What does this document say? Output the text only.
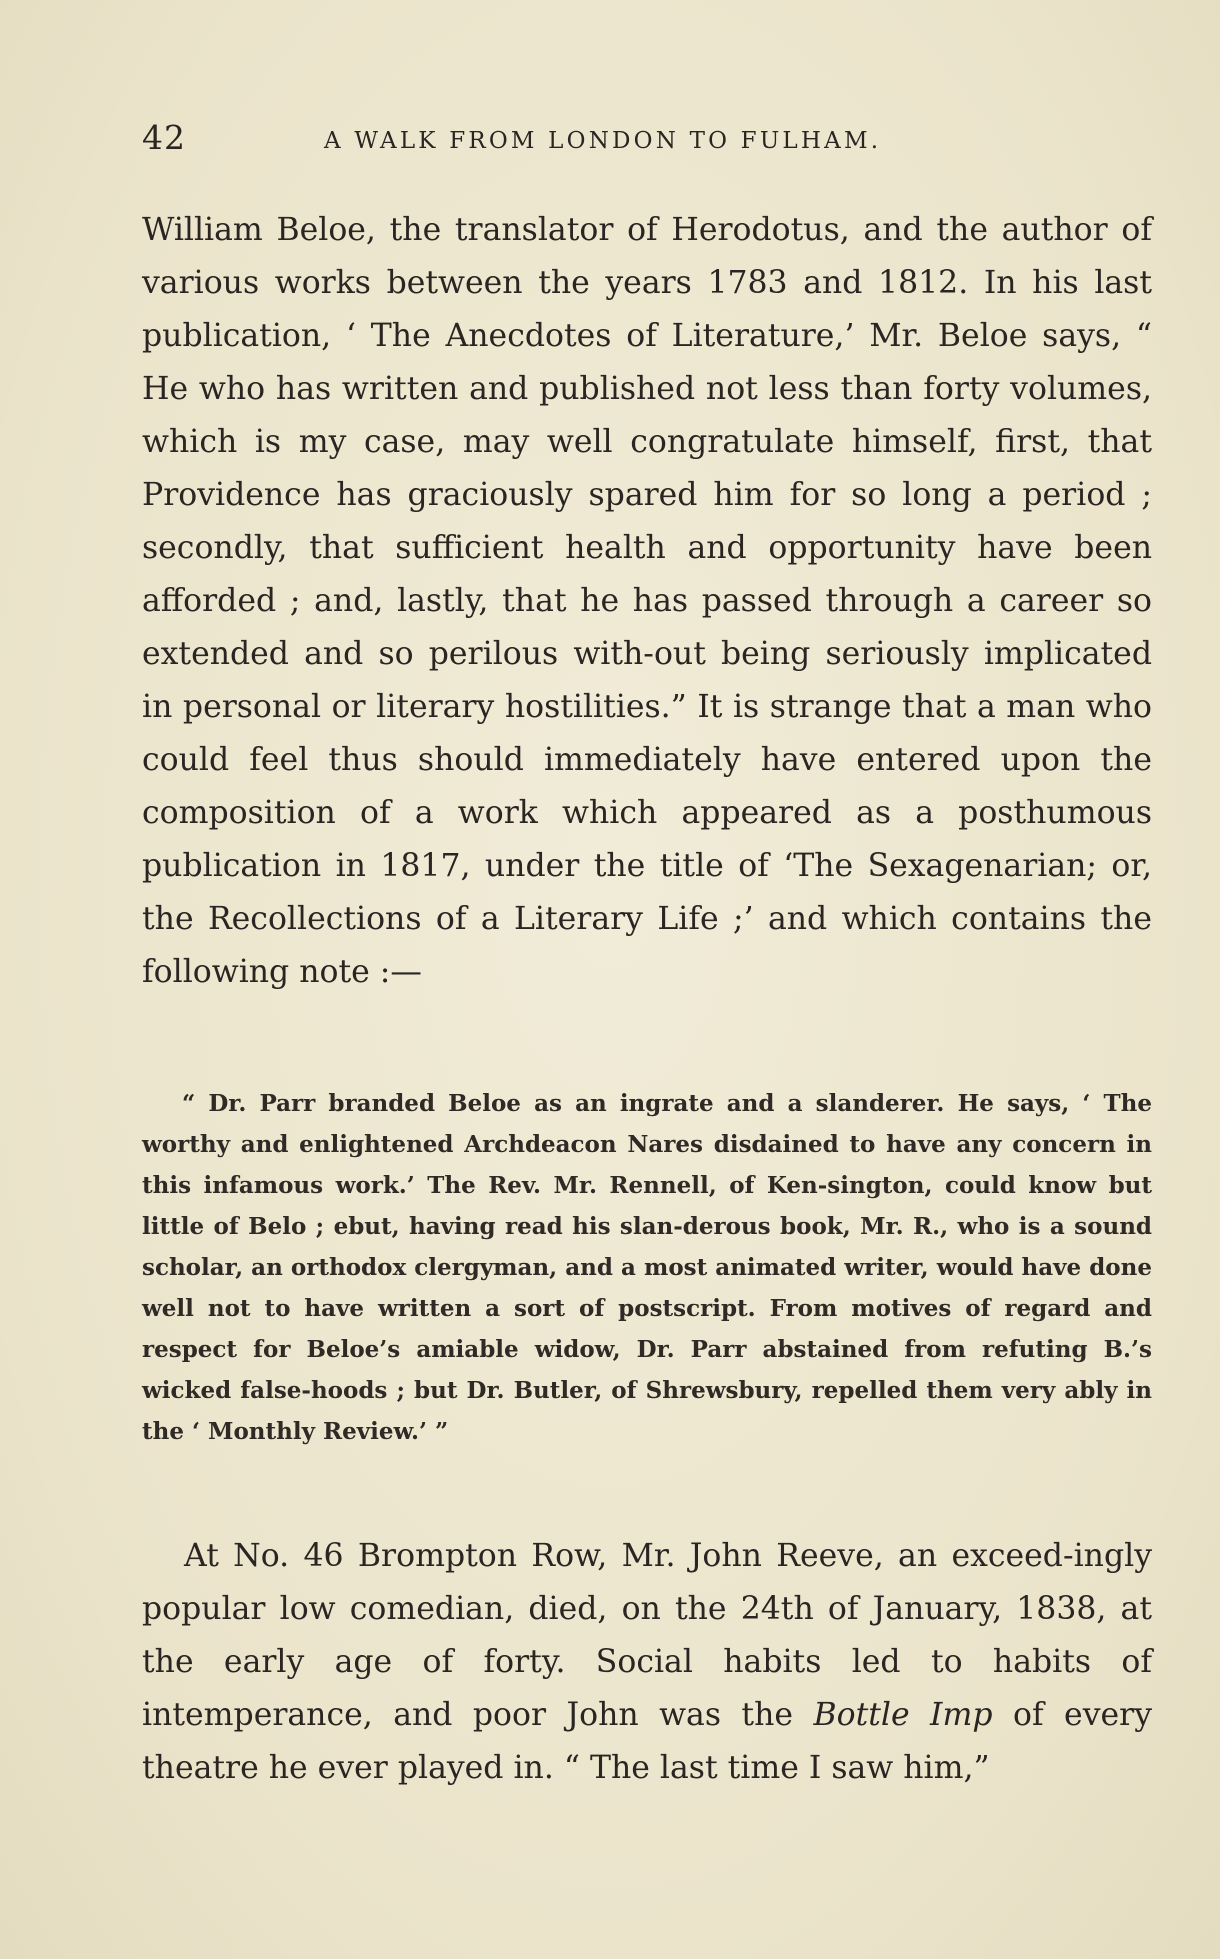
42	A WALK FROM LONDON TO FULHAM.

William Beloe, the translator of Herodotus, and the author of various works between the years 1783 and 1812. In his last publication, ‘ The Anecdotes of Literature,’ Mr. Beloe says, “ He who has written and published not less than forty volumes, which is my case, may well congratulate himself, first, that Providence has graciously spared him for so long a period ; secondly, that sufficient health and opportunity have been afforded ; and, lastly, that he has passed through a career so extended and so perilous with-out being seriously implicated in personal or literary hostilities.” It is strange that a man who could feel thus should immediately have entered upon the composition of a work which appeared as a posthumous publication in 1817, under the title of ‘The Sexagenarian; or, the Recollections of a Literary Life ;’ and which contains the following note :—

“ Dr. Parr branded Beloe as an ingrate and a slanderer. He says, ‘ The worthy and enlightened Archdeacon Nares disdained to have any concern in this infamous work.’ The Rev. Mr. Rennell, of Ken-sington, could know but little of Belo ; ebut, having read his slan-derous book, Mr. R., who is a sound scholar, an orthodox clergyman, and a most animated writer, would have done well not to have written a sort of postscript. From motives of regard and respect for Beloe’s amiable widow, Dr. Parr abstained from refuting B.’s wicked false-hoods ; but Dr. Butler, of Shrewsbury, repelled them very ably in the ‘ Monthly Review.’ ”

At No. 46 Brompton Row, Mr. John Reeve, an exceed-ingly popular low comedian, died, on the 24th of January, 1838, at the early age of forty. Social habits led to habits of intemperance, and poor John was the Bottle Imp of every theatre he ever played in. “ The last time I saw him,”
